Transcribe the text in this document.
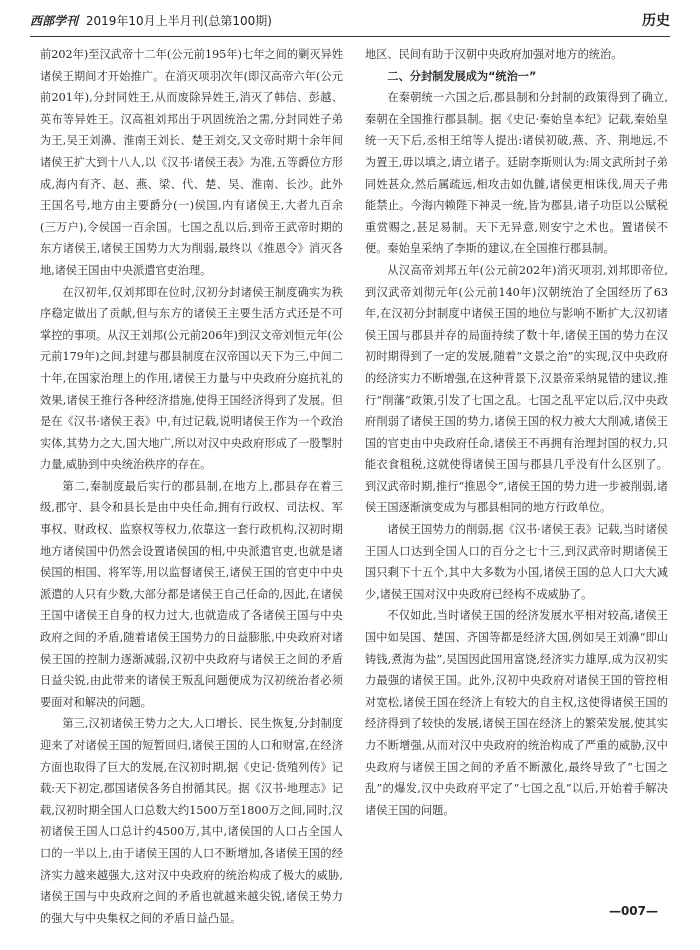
西部学刊 2019年10月上半月刊(总第100期)	历史

前202年)至汉武帝十二年(公元前195年)七年之间的剿灭异姓诸侯王期间才开始推广。在消灭项羽次年(即汉高帝六年(公元前201年),分封同姓王,从而废除异姓王,消灭了韩信、彭越、英布等异姓王。汉高祖刘邦出于巩固统治之需,分封同姓子弟为王,吴王刘濞、淮南王刘长、楚王刘交,又文帝时期十余年间诸侯王扩大到十八人,以《汉书·诸侯王表》为准,五等爵位方形成,海内有齐、赵、燕、梁、代、楚、吴、淮南、长沙。此外王国名号,地方由主要爵分(一)侯国,内有诸侯王,大者九百余(三万户),令侯国一百余国。七国之乱以后,到帝王武帝时期的东方诸侯王,诸侯王国势力大为削弱,最终以《推恩令》消灭各地,诸侯王国由中央派遣官吏治理。

在汉初年,仅刘邦即在位时,汉初分封诸侯王制度确实为秩序稳定做出了贡献,但与东方的诸侯王主要生活方式还是不可掌控的事项。从汉王刘邦(公元前206年)到汉文帝刘恒元年(公元前179年)之间,封建与郡县制度在汉帝国以天下为三,中间二十年,在国家治理上的作用,诸侯王力量与中央政府分庭抗礼的效果,诸侯王推行各种经济措施,使得王国经济得到了发展。但是在《汉书·诸侯王表》中,有过记载,说明诸侯王作为一个政治实体,其势力之大,国大地广,所以对汉中央政府形成了一股掣肘力量,威胁到中央统治秩序的存在。

第二,秦制度最后实行的郡县制,在地方上,郡县存在着三级,郡守、县令和县长是由中央任命,拥有行政权、司法权、军事权、财政权、监察权等权力,依靠这一套行政机构,汉初时期地方诸侯国中仍然会设置诸侯国的相,中央派遣官吏,也就是诸侯国的相国、将军等,用以监督诸侯王,诸侯王国的官吏中中央派遣的人只有少数,大部分都是诸侯王自己任命的,因此,在诸侯王国中诸侯王自身的权力过大,也就造成了各诸侯王国与中央政府之间的矛盾,随着诸侯王国势力的日益膨胀,中央政府对诸侯王国的控制力逐渐减弱,汉初中央政府与诸侯王之间的矛盾日益尖锐,由此带来的诸侯王叛乱问题便成为汉初统治者必须要面对和解决的问题。

第三,汉初诸侯王势力之大,人口增长、民生恢复,分封制度迎来了对诸侯王国的短暂回归,诸侯王国的人口和财富,在经济方面也取得了巨大的发展,在汉初时期,据《史记·货殖列传》记载:天下初定,郡国诸侯各务自拊循其民。据《汉书·地理志》记载,汉初时期全国人口总数大约1500万至1800万之间,同时,汉初诸侯王国人口总计约4500万,其中,诸侯国的人口占全国人口的一半以上,由于诸侯王国的人口不断增加,各诸侯王国的经济实力越来越强大,这对汉中央政府的统治构成了极大的威胁,诸侯王国与中央政府之间的矛盾也就越来越尖锐,诸侯王势力的强大与中央集权之间的矛盾日益凸显。

地区、民间有助于汉朝中央政府加强对地方的统治。

二、分封制发展成为“统治一”

在秦朝统一六国之后,郡县制和分封制的政策得到了确立,秦朝在全国推行郡县制。据《史记·秦始皇本纪》记载,秦始皇统一天下后,丞相王绾等人提出:诸侯初破,燕、齐、荆地远,不为置王,毋以填之,请立诸子。廷尉李斯则认为:周文武所封子弟同姓甚众,然后属疏远,相攻击如仇雠,诸侯更相诛伐,周天子弗能禁止。今海内赖陛下神灵一统,皆为郡县,诸子功臣以公赋税重赏赐之,甚足易制。天下无异意,则安宁之术也。置诸侯不便。秦始皇采纳了李斯的建议,在全国推行郡县制。

从汉高帝刘邦五年(公元前202年)消灭项羽,刘邦即帝位,到汉武帝刘彻元年(公元前140年)汉朝统治了全国经历了63年,在汉初分封制度中诸侯王国的地位与影响不断扩大,汉初诸侯王国与郡县并存的局面持续了数十年,诸侯王国的势力在汉初时期得到了一定的发展,随着“文景之治”的实现,汉中央政府的经济实力不断增强,在这种背景下,汉景帝采纳晁错的建议,推行“削藩”政策,引发了七国之乱。七国之乱平定以后,汉中央政府削弱了诸侯王国的势力,诸侯王国的权力被大大削减,诸侯王国的官吏由中央政府任命,诸侯王不再拥有治理封国的权力,只能衣食租税,这就使得诸侯王国与郡县几乎没有什么区别了。到汉武帝时期,推行“推恩令”,诸侯王国的势力进一步被削弱,诸侯王国逐渐演变成为与郡县相同的地方行政单位。

诸侯王国势力的削弱,据《汉书·诸侯王表》记载,当时诸侯王国人口达到全国人口的百分之七十三,到汉武帝时期诸侯王国只剩下十五个,其中大多数为小国,诸侯王国的总人口大大减少,诸侯王国对汉中央政府已经构不成威胁了。

不仅如此,当时诸侯王国的经济发展水平相对较高,诸侯王国中如吴国、楚国、齐国等都是经济大国,例如吴王刘濞“即山铸钱,煮海为盐”,吴国因此国用富饶,经济实力雄厚,成为汉初实力最强的诸侯王国。此外,汉初中央政府对诸侯王国的管控相对宽松,诸侯王国在经济上有较大的自主权,这使得诸侯王国的经济得到了较快的发展,诸侯王国在经济上的繁荣发展,使其实力不断增强,从而对汉中央政府的统治构成了严重的威胁,汉中央政府与诸侯王国之间的矛盾不断激化,最终导致了“七国之乱”的爆发,汉中央政府平定了“七国之乱”以后,开始着手解决诸侯王国的问题。

—007—
